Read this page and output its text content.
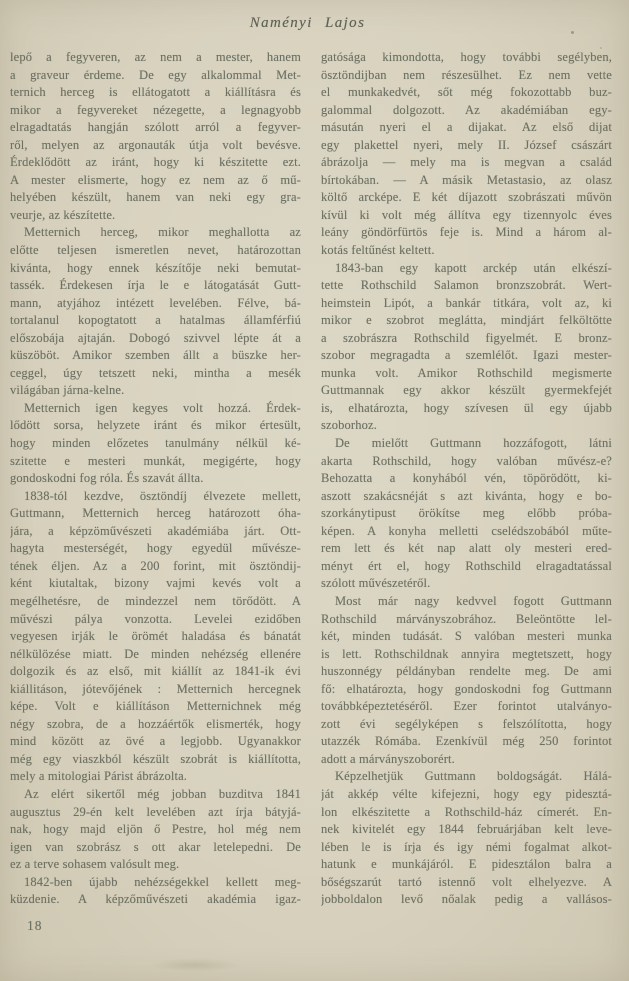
Naményi Lajos
lepő a fegyveren, az nem a mester, hanem
a graveur érdeme. De egy alkalommal Met-
ternich herceg is ellátogatott a kiállításra és
mikor a fegyvereket nézegette, a legnagyobb
elragadtatás hangján szólott arról a fegyver-
ről, melyen az argonauták útja volt bevésve.
Érdeklődött az iránt, hogy ki készitette ezt.
A mester elismerte, hogy ez nem az ő mű-
helyében készült, hanem van neki egy gra-
veurje, az készítette.
Metternich herceg, mikor meghallotta az
előtte teljesen ismeretlen nevet, határozottan
kivánta, hogy ennek készítője neki bemutat-
tassék. Érdekesen írja le e látogatását Gutt-
mann, atyjához intézett levelében. Félve, bá-
tortalanul kopogtatott a hatalmas államférfiú
előszobája ajtaján. Dobogó szivvel lépte át a
küszöböt. Amikor szemben állt a büszke her-
ceggel, úgy tetszett neki, mintha a mesék
világában járna-kelne.
Metternich igen kegyes volt hozzá. Érdek-
lődött sorsa, helyzete iránt és mikor értesült,
hogy minden előzetes tanulmány nélkül ké-
szitette e mesteri munkát, megigérte, hogy
gondoskodni fog róla. És szavát állta.
1838-tól kezdve, ösztöndíj élvezete mellett,
Guttmann, Metternich herceg határozott óha-
jára, a képzöművészeti akadémiába járt. Ott-
hagyta mesterségét, hogy egyedül művésze-
tének éljen. Az a 200 forint, mit ösztöndij-
ként kiutaltak, bizony vajmi kevés volt a
megélhetésre, de mindezzel nem törődött. A
művészi pálya vonzotta. Levelei ezidőben
vegyesen irják le örömét haladása és bánatát
nélkülözése miatt. De minden nehézség ellenére
dolgozik és az első, mit kiállít az 1841-ik évi
kiállitáson, jótevőjének : Metternich hercegnek
képe. Volt e kiállításon Metternichnek még
négy szobra, de a hozzáértők elismerték, hogy
mind között az övé a legjobb. Ugyanakkor
még egy viaszkból készült szobrát is kiállította,
mely a mitologiai Párist ábrázolta.
Az elért sikertől még jobban buzditva 1841
augusztus 29-én kelt levelében azt írja bátyjá-
nak, hogy majd eljön ő Pestre, hol még nem
igen van szobrász s ott akar letelepedni. De
ez a terve sohasem valósult meg.
1842-ben újabb nehézségekkel kellett meg-
küzdenie. A képzőművészeti akadémia igaz-
gatósága kimondotta, hogy további segélyben,
ösztöndijban nem részesülhet. Ez nem vette
el munkakedvét, sőt még fokozottabb buz-
galommal dolgozott. Az akadémiában egy-
másután nyeri el a dijakat. Az első dijat
egy plakettel nyeri, mely II. József császárt
ábrázolja — mely ma is megvan a család
bírtokában. — A másik Metastasio, az olasz
költő arcképe. E két díjazott szobrászati művön
kívül ki volt még állítva egy tizennyolc éves
leány göndörfürtös feje is. Mind a három al-
kotás feltűnést keltett.
1843-ban egy kapott arckép után elkészí-
tette Rothschild Salamon bronzszobrát. Wert-
heimstein Lipót, a bankár titkára, volt az, ki
mikor e szobrot meglátta, mindjárt felköltötte
a szobrászra Rothschild figyelmét. E bronz-
szobor megragadta a szemlélőt. Igazi mester-
munka volt. Amikor Rothschild megismerte
Guttmannak egy akkor készült gyermekfejét
is, elhatározta, hogy szívesen ül egy újabb
szoborhoz.
De mielőtt Guttmann hozzáfogott, látni
akarta Rothschild, hogy valóban művész-e?
Behozatta a konyhából vén, töpörödött, ki-
aszott szakácsnéját s azt kivánta, hogy e bo-
szorkánytipust örökítse meg előbb próba-
képen. A konyha melletti cselédszobából műte-
rem lett és két nap alatt oly mesteri ered-
ményt ért el, hogy Rothschild elragadtatással
szólott művészetéről.
Most már nagy kedvvel fogott Guttmann
Rothschild márványszobrához. Beleöntötte lel-
két, minden tudását. S valóban mesteri munka
is lett. Rothschildnak annyira megtetszett, hogy
huszonnégy példányban rendelte meg. De ami
fő: elhatározta, hogy gondoskodni fog Guttmann
továbbképeztetéséről. Ezer forintot utalványo-
zott évi segélyképen s felszólította, hogy
utazzék Rómába. Ezenkívül még 250 forintot
adott a márványszoborért.
Képzelhetjük Guttmann boldogságát. Hálá-
ját akkép vélte kifejezni, hogy egy pidesztá-
lon elkészitette a Rothschild-ház címerét. En-
nek kivitelét egy 1844 februárjában kelt leve-
lében le is írja és igy némi fogalmat alkot-
hatunk e munkájáról. E pidesztálon balra a
bőségszarút tartó istennő volt elhelyezve. A
jobboldalon levő nőalak pedig a vallásos-
18
